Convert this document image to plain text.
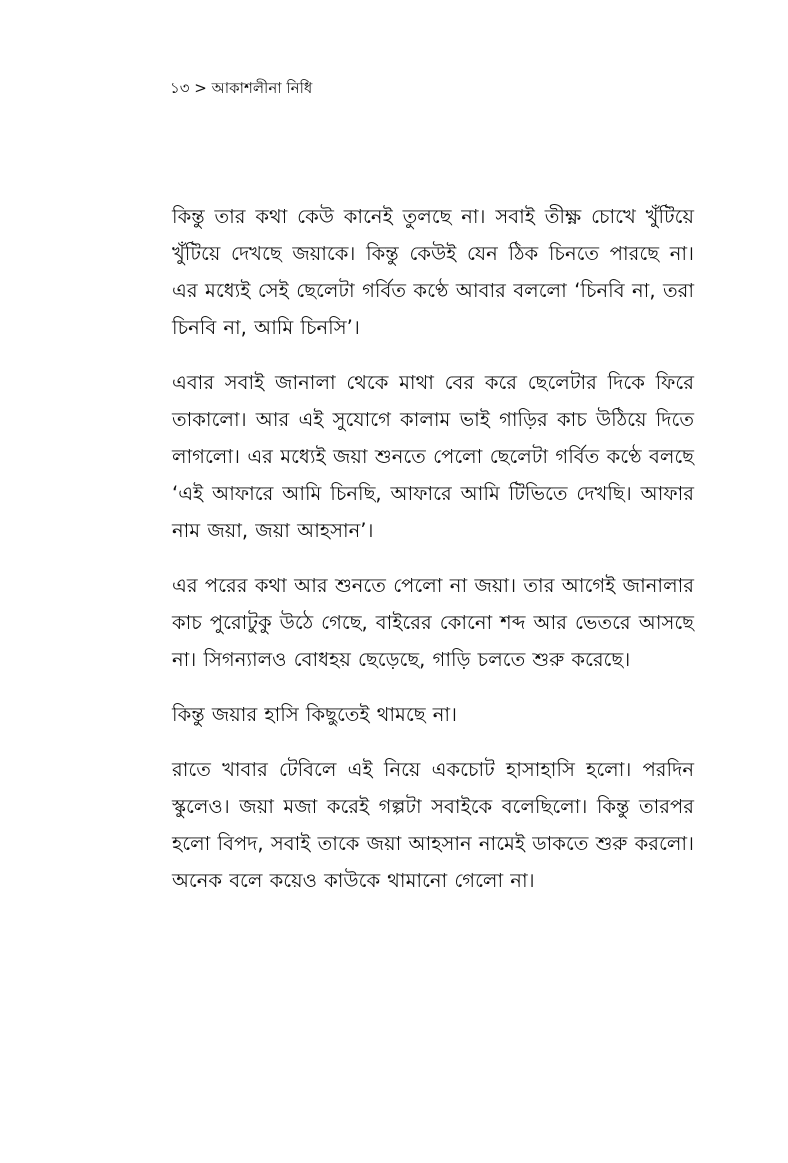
১৩ > আকাশলীনা নিধি

কিন্তু তার কথা কেউ কানেই তুলছে না। সবাই তীক্ষ্ণ চোখে খুঁটিয়ে খুঁটিয়ে দেখছে জয়াকে। কিন্তু কেউই যেন ঠিক চিনতে পারছে না। এর মধ্যেই সেই ছেলেটা গর্বিত কণ্ঠে আবার বললো ‘চিনবি না, তরা চিনবি না, আমি চিনসি’।

এবার সবাই জানালা থেকে মাথা বের করে ছেলেটার দিকে ফিরে তাকালো। আর এই সুযোগে কালাম ভাই গাড়ির কাচ উঠিয়ে দিতে লাগলো। এর মধ্যেই জয়া শুনতে পেলো ছেলেটা গর্বিত কণ্ঠে বলছে ‘এই আফারে আমি চিনছি, আফারে আমি টিভিতে দেখছি। আফার নাম জয়া, জয়া আহসান’।

এর পরের কথা আর শুনতে পেলো না জয়া। তার আগেই জানালার কাচ পুরোটুকু উঠে গেছে, বাইরের কোনো শব্দ আর ভেতরে আসছে না। সিগন্যালও বোধহয় ছেড়েছে, গাড়ি চলতে শুরু করেছে।

কিন্তু জয়ার হাসি কিছুতেই থামছে না।

রাতে খাবার টেবিলে এই নিয়ে একচোট হাসাহাসি হলো। পরদিন স্কুলেও। জয়া মজা করেই গল্পটা সবাইকে বলেছিলো। কিন্তু তারপর হলো বিপদ, সবাই তাকে জয়া আহসান নামেই ডাকতে শুরু করলো। অনেক বলে কয়েও কাউকে থামানো গেলো না।
